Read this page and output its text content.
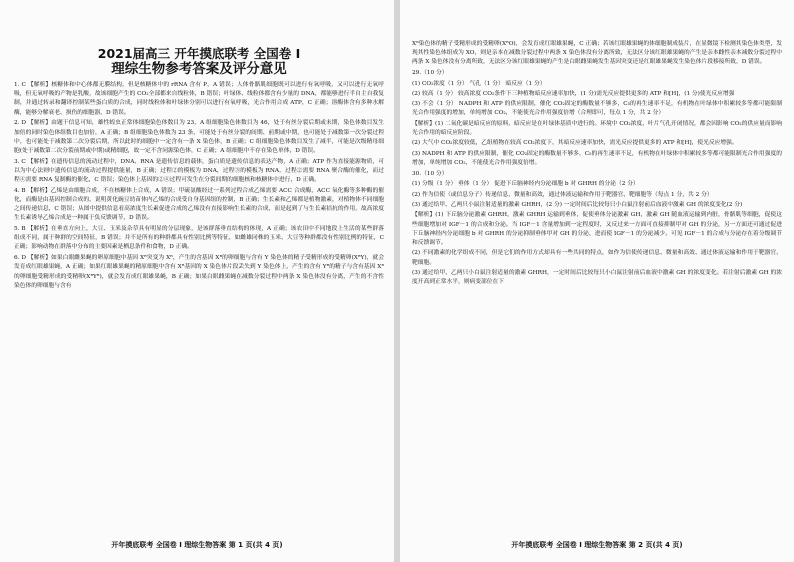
2021届高三 开年摸底联考 全国卷 I
理综生物参考答案及评分意见
1. C 【解析】核糖体和中心体都无膜结构，但是核糖体中的 rRNA 含有 P，A 错误；人体骨骼肌细胞既可以进行有氧呼吸，又可以进行无氧呼吸，但无氧呼吸的产物是乳酸，故该细胞产生的 CO₂全部都来自线粒体，B 错误；叶绿体、线粒体都含有少量的 DNA，都能够进行半自主自我复制，并通过转录和翻译控制某些蛋白质的合成，同时线粒体和叶绿体分别可以进行有氧呼吸，光合作用合成 ATP，C 正确；溶酶体含有多种水解酶，能够分解衰老、损伤的细胞器，D 错误。
2. D 【解析】由题干信息可知，雄性蝗虫正常体细胞染色体数目为 23，A 组细胞染色体数目为 46，处于有丝分裂后期或末期，染色体数目发生加倍的同时染色体组数目也加倍，A 正确；B 组细胞染色体数为 23 条，可能处于有丝分裂的间期、前期或中期，也可能处于减数第一次分裂过程中，也可能处于减数第二次分裂后期，所以此时的细胞中一定含有一条 X 染色体，B 正确；C 组细胞染色体数目发生了减半，可能是次级精母细胞(处于减数第二次分裂前期或中期)或精细胞，故一定不含同源染色体，C 正确；A 组细胞中不存在染色单体，D 错误。
3. C 【解析】在遗传信息的流动过程中，DNA、RNA 是遗传信息的载体，蛋白质是遗传信息的表达产物，A 正确；ATP 作为直接能源物质，可以为中心法则中遗传信息的流动过程提供能量，B 正确；过程②的模板为 DNA，过程③的模板为 RNA，过程②需要 RNA 聚合酶的催化，而过程④需要 RNA 复制酶的催化，C 错误；染色体上基因的②④过程可发生在分裂间期的细胞核和核糖体中进行，D 正确。
4. B 【解析】乙烯是由细胞合成，不在核糖体上合成，A 错误；甲硫氨酸经过一系列过程合成乙烯需要 ACC 合成酶，ACC 氧化酶等多种酶的催化，而酶是由基因控制合成的，说明黄化豌豆幼苗体内乙烯的合成受自身基因组的控制，B 正确；生长素和乙烯都是植物激素，对植物体不同细胞之间传递信息，C 错误；从图中提供信息看高浓度生长素促进合成的乙烯没有直接影响生长素的合成，而是起到了与生长素拮抗的作用，故高浓度生长素诱导乙烯合成是一种属于负反馈调节，D 错误。
5. B 【解析】在垂直方向上，大豆、玉米及杂草具有明显的分层现象，是该群落垂直结构的体现，A 正确；该农田中不同地段上生活的某些群落组成不同，属于种群的空间特征，B 错误；并不是所有的种群都具有性别比例等特征，如雌雄同株的玉米、大豆等种群都没有性别比例的特征，C 正确；影响动物在群落中分布的主要因素是栖息条件和食物，D 正确。
6. D 【解析】如果白眼雌果蝇的卵原细胞中基因 Xᴿ突变为 Xᴮ，产生的含基因 Xᴮ的卵细胞与含有 Y 染色体的精子受精形成的受精卵(XᴮY)，就会发育成红眼雄果蝇，A 正确；如果红眼雄果蝇的精原细胞中含有 Xᴮ基因的 X 染色体片段丢失到 Y 染色体上，产生的含有 Yᴮ的精子与含有基因 Xᴮ的卵细胞受精形成的受精卵(XᴮYᴮ)，就会发育成红眼雄果蝇，B 正确；如果白眼雌果蝇在减数分裂过程中两条 X 染色体没有分离，产生的不含性染色体的卵细胞与含有
开年摸底联考 全国卷 I 理综生物答案 第 1 页(共 4 页)
Xᴮ染色体的精子受精形成的受精卵(XᴮO)，会发育成红眼雄果蝇，C 正确；若该红眼雄果蝇的体细胞制成装片，在显微镜下检测其染色体类型，发现其性染色体组成为 XO，则是亲本在减数分裂过程中两条 X 染色体没有分离所致，无法区分该红眼雄果蝇的产生是亲本雌性亲本减数分裂过程中两条 X 染色体没有分离所致，无法区分该红眼雄果蝇的产生是白眼雌果蝇发生基因突变还是红眼雄果蝇发生染色体片段移接所致，D 错误。
29.（10 分）
(1) CO₂浓度（1 分） 气孔（1 分） 暗反应（1 分）
(2) 较高（1 分） 较高浓度 CO₂条件下三种植物暗反应速率加快，(1 分)需光反应提供更多的 ATP 和[H]，(1 分)使光反应增强
(3) 不会（1 分） NADPH 和 ATP 的供应限制，催化 CO₂固定的酶数量不够多，C₅的再生速率不足，有机物在叶绿体中积累较多等都可能限制光合作用强度的增加，单纯增加 CO₂，不能使光合作用强度倍增（合理即可，每点 1 分，共 2 分）
【解析】(1) 二氧化碳是暗反应的原料，暗反应是在叶绿体基质中进行的。环境中 CO₂浓度、叶片气孔开闭情况，都会因影响 CO₂的供应量而影响光合作用的暗反应阶段。
(2) 大气中 CO₂浓度较低，乙组植物在较高 CO₂浓度下，其暗反应速率加快，需光反应提供更多的 ATP 和[H]，使光反应增强。
(3) NADPH 和 ATP 的供应限制，催化 CO₂固定的酶数量不够多，C₅的再生速率不足，有机物在叶绿体中积累较多等都可能限制光合作用强度的增加，单纯增加 CO₂，不能使光合作用强度倍增。
30.（10 分）
(1) 分级（1 分） 垂体（1 分） 促进下丘脑神经内分泌细胞 b 对 GHRH 的分泌（2 分）
(2) 作为信使（或信息分子）传递信息，微量和高效，通过体液运输和作用于靶器官、靶细胞等（每点 1 分，共 2 分）
(3) 通过给甲、乙两只小鼠注射适量的激素 GHRH，(2 分) 一定时间后比较每只小白鼠注射前后血液中激素 GH 的浓度变化(2 分)
【解析】(1) 下丘脑分泌激素 GHRH，激素 GHRH 运输到垂体，促使垂体分泌激素 GH，激素 GH 随血液运输到内脏，骨骼肌等细胞，促使这些细胞增加对 IGF－1 的合成和分泌。当 IGF－1 含量增加到一定程度时，又反过来一方面可直接抑制甲对 GH 的分泌，另一方面还可通过促进下丘脑神经内分泌细胞 b 对 GHRH 的分泌抑制垂体甲对 GH 的分泌，进而使 IGF－1 的分泌减少。可见 IGF－1 的合成与分泌存在着分级调节和反馈调节。
(2) 不同激素的化学组成不同，但是它们的作用方式却具有一些共同的特点，如作为信使传递信息、微量和高效、通过体液运输和作用于靶器官、靶细胞。
(3) 通过给甲、乙两只小白鼠注射适量的激素 GHRH，一定时间后比较每只小白鼠注射前后血液中激素 GH 的浓度变化。若注射后激素 GH 的浓度开高到正常水平，则病变部位在下
开年摸底联考 全国卷 I 理综生物答案 第 2 页(共 4 页)
